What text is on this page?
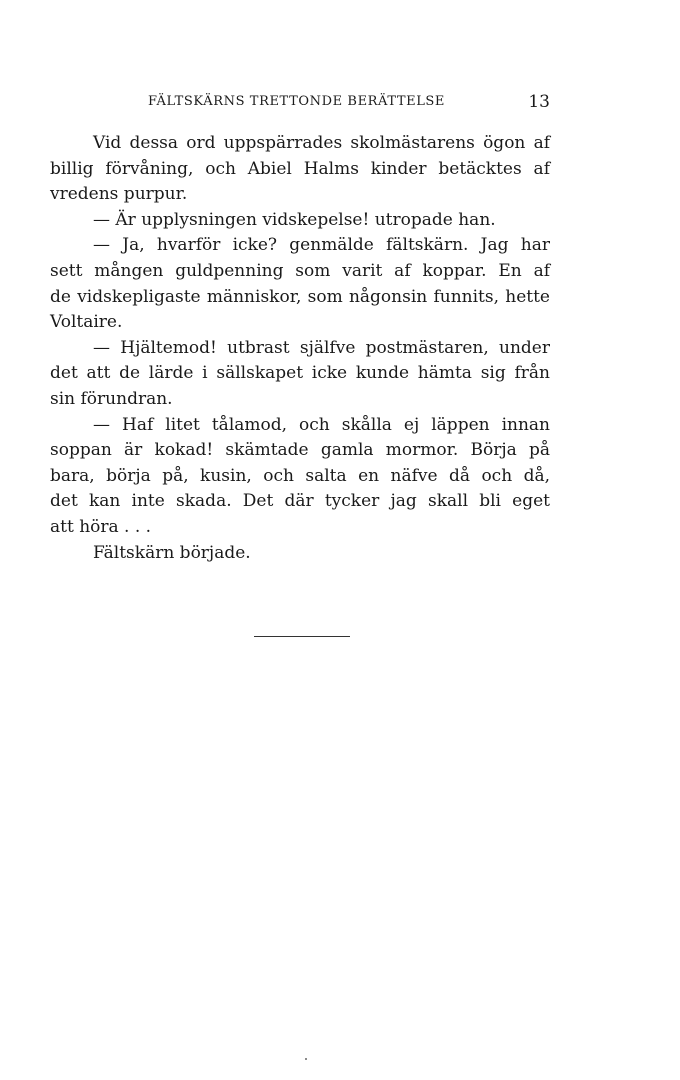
FÄLTSKÄRNS TRETTONDE BERÄTTELSE	13
Vid dessa ord uppspärrades skolmästarens ögon af
billig förvåning, och Abiel Halms kinder betäcktes af
vredens purpur.
— Är upplysningen vidskepelse! utropade han.
— Ja, hvarför icke? genmälde fältskärn. Jag har
sett mången guldpenning som varit af koppar. En af
de vidskepligaste människor, som någonsin funnits, hette
Voltaire.
— Hjältemod! utbrast själfve postmästaren, under
det att de lärde i sällskapet icke kunde hämta sig från
sin förundran.
— Haf litet tålamod, och skålla ej läppen innan
soppan är kokad! skämtade gamla mormor. Börja på
bara, börja på, kusin, och salta en näfve då och då,
det kan inte skada. Det där tycker jag skall bli eget
att höra . . .
Fältskärn började.
